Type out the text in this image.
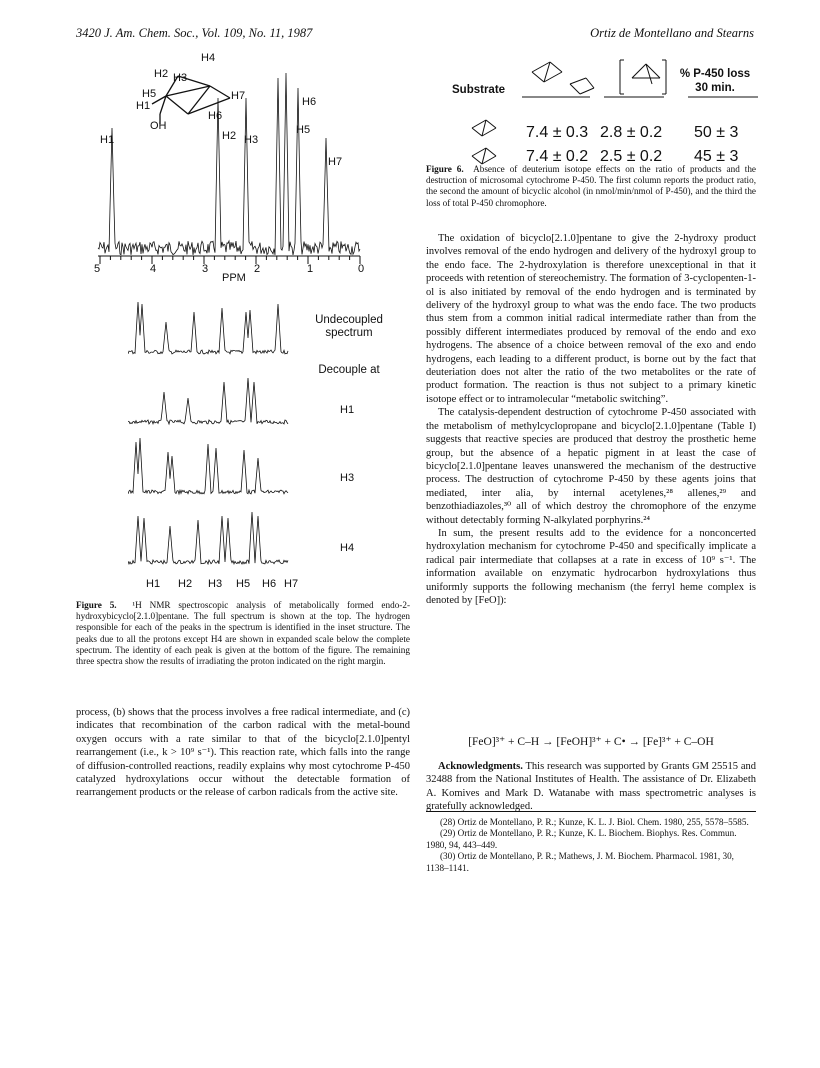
3420 J. Am. Chem. Soc., Vol. 109, No. 11, 1987	Ortiz de Montellano and Stearns
H4
H2 H3
H5
H1
H7
H6
OH
H1	H2 H3
H5
H6
H7
5	4	3	2	1	0
PPM
Undecoupled spectrum
Decouple at
H1
H3
H4
H1 H2 H3 H5 H6 H7
Figure 5. ¹H NMR spectroscopic analysis of metabolically formed endo-2-hydroxybicyclo[2.1.0]pentane. The full spectrum is shown at the top. The hydrogen responsible for each of the peaks in the spectrum is identified in the inset structure. The peaks due to all the protons except H4 are shown in expanded scale below the complete spectrum. The identity of each peak is given at the bottom of the figure. The remaining three spectra show the results of irradiating the proton indicated on the right margin.
process, (b) shows that the process involves a free radical intermediate, and (c) indicates that recombination of the carbon radical with the metal-bound oxygen occurs with a rate similar to that of the bicyclo[2.1.0]pentyl rearrangement (i.e., k > 10⁹ s⁻¹). This reaction rate, which falls into the range of diffusion-controlled reactions, readily explains why most cytochrome P-450 catalyzed hydroxylations occur without the detectable formation of rearrangement products or the release of carbon radicals from the active site.
Substrate
% P-450 loss
30 min.
7.4 ± 0.3 2.8 ± 0.2 50 ± 3
7.4 ± 0.2 2.5 ± 0.2 45 ± 3
Figure 6. Absence of deuterium isotope effects on the ratio of products and the destruction of microsomal cytochrome P-450. The first column reports the product ratio, the second the amount of bicyclic alcohol (in nmol/min/nmol of P-450), and the third the loss of total P-450 chromophore.

The oxidation of bicyclo[2.1.0]pentane to give the 2-hydroxy product involves removal of the endo hydrogen and delivery of the hydroxyl group to the endo face. The 2-hydroxylation is therefore unexceptional in that it proceeds with retention of stereochemistry. The formation of 3-cyclopenten-1-ol is also initiated by removal of the endo hydrogen and is terminated by delivery of the hydroxyl group to what was the endo face. The two products thus stem from a common initial radical intermediate rather than from the possibly different intermediates produced by removal of the endo and exo hydrogens. The absence of a choice between removal of the exo and endo hydrogens, each leading to a different product, is borne out by the fact that deuteriation does not alter the ratio of the two metabolites or the rate of product formation. The reaction is thus not subject to a primary kinetic isotope effect or to intramolecular “metabolic switching”.

The catalysis-dependent destruction of cytochrome P-450 associated with the metabolism of methylcyclopropane and bicyclo[2.1.0]pentane (Table I) suggests that reactive species are produced that destroy the prosthetic heme group, but the absence of a hepatic pigment in at least the case of bicyclo[2.1.0]pentane leaves unanswered the mechanism of the destructive process. The destruction of cytochrome P-450 by these agents joins that mediated, inter alia, by internal acetylenes,²⁸ allenes,²⁹ and benzothiadiazoles,³⁰ all of which destroy the chromophore of the enzyme without detectably forming N-alkylated porphyrins.²⁴

In sum, the present results add to the evidence for a nonconcerted hydroxylation mechanism for cytochrome P-450 and specifically implicate a radical pair intermediate that collapses at a rate in excess of 10⁹ s⁻¹. The information available on enzymatic hydrocarbon hydroxylations thus uniformly supports the following mechanism (the ferryl heme complex is denoted by [FeO]):

[FeO]³⁺ + C–H → [FeOH]³⁺ + C• → [Fe]³⁺ + C–OH

Acknowledgments. This research was supported by Grants GM 25515 and 32488 from the National Institutes of Health. The assistance of Dr. Elizabeth A. Komives and Mark D. Watanabe with mass spectrometric analyses is gratefully acknowledged.

(28) Ortiz de Montellano, P. R.; Kunze, K. L. J. Biol. Chem. 1980, 255, 5578–5585.
(29) Ortiz de Montellano, P. R.; Kunze, K. L. Biochem. Biophys. Res. Commun. 1980, 94, 443–449.
(30) Ortiz de Montellano, P. R.; Mathews, J. M. Biochem. Pharmacol. 1981, 30, 1138–1141.
